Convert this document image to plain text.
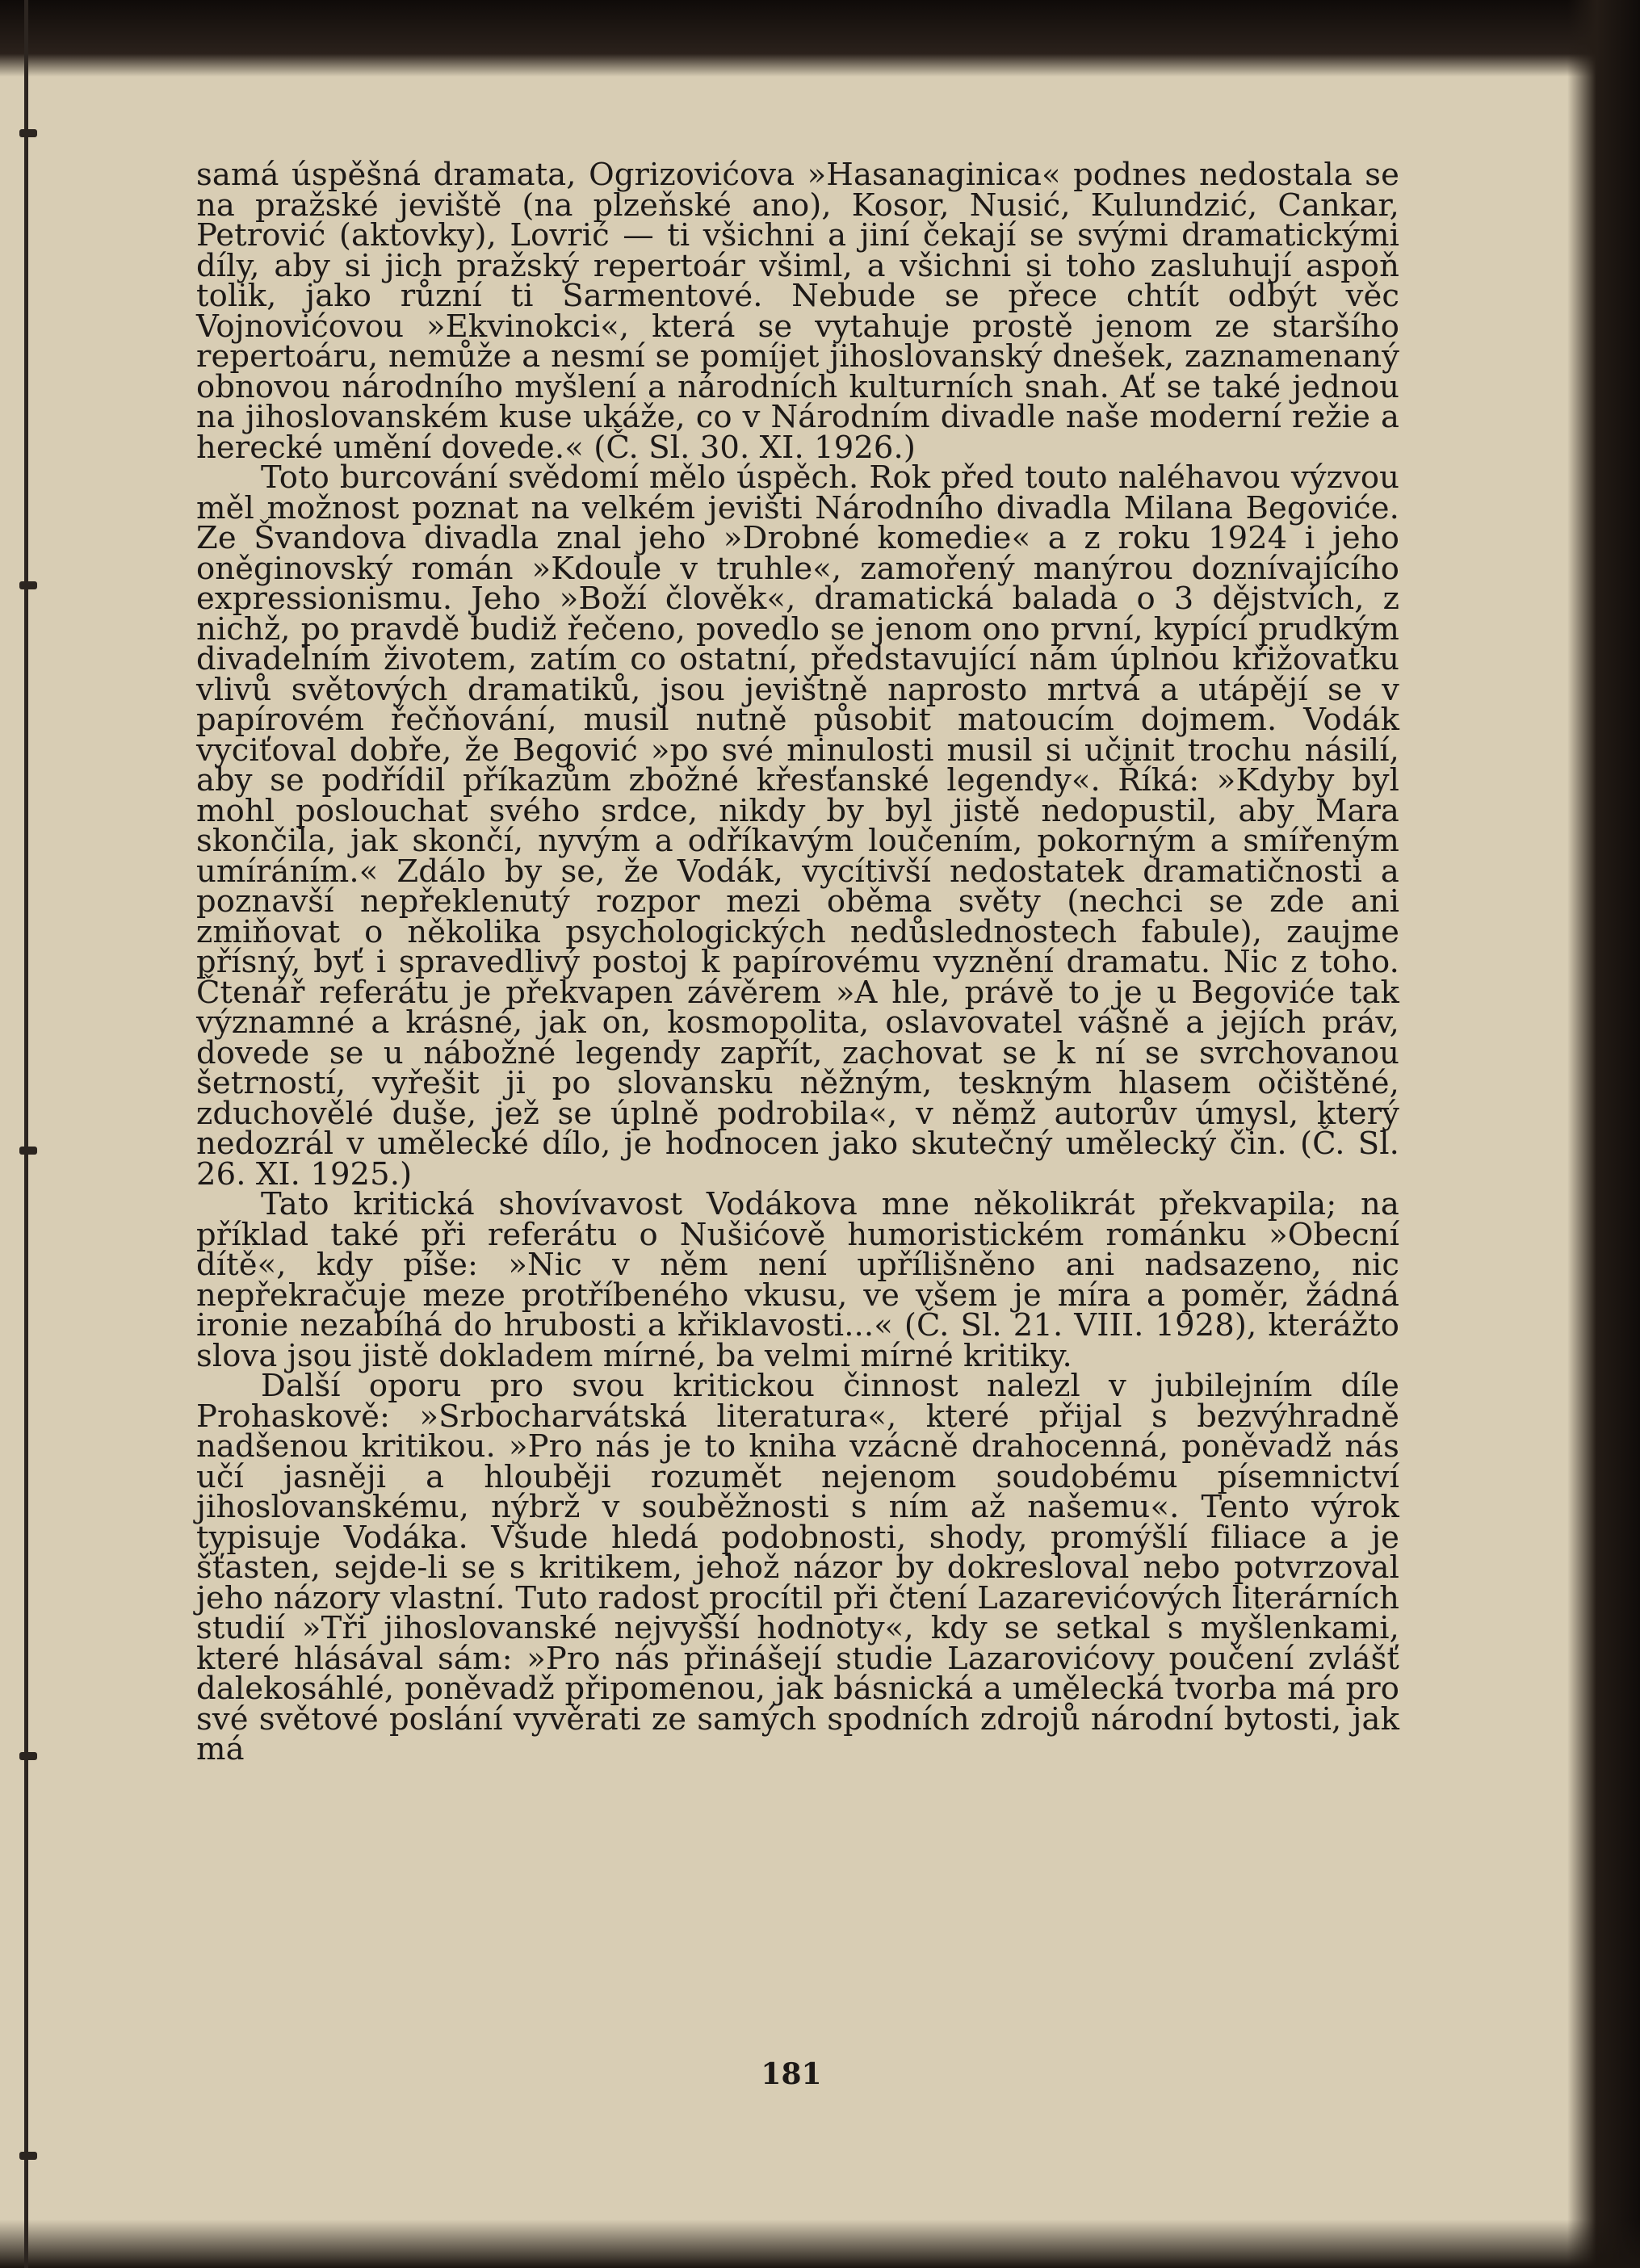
samá úspěšná dramata, Ogrizovićova »Hasanaginica« podnes nedostala se na pražské jeviště (na plzeňské ano), Kosor, Nusić, Kulundzić, Cankar, Petrović (aktovky), Lovrić — ti všichni a jiní čekají se svými dramatickými díly, aby si jich pražský repertoár všiml, a všichni si toho zasluhují aspoň tolik, jako různí ti Sarmentové. Nebude se přece chtít odbýt věc Vojnovićovou »Ekvinokci«, která se vytahuje prostě jenom ze staršího repertoáru, nemůže a nesmí se pomíjet jihoslovanský dnešek, zaznamenaný obnovou národního myšlení a národních kulturních snah. Ať se také jednou na jihoslovanském kuse ukáže, co v Národním divadle naše moderní režie a herecké umění dovede.« (Č. Sl. 30. XI. 1926.)

Toto burcování svědomí mělo úspěch. Rok před touto naléhavou výzvou měl možnost poznat na velkém jevišti Národního divadla Milana Begoviće. Ze Švandova divadla znal jeho »Drobné komedie« a z roku 1924 i jeho oněginovský román »Kdoule v truhle«, zamořený manýrou doznívajícího expressionismu. Jeho »Boží člověk«, dramatická balada o 3 dějstvích, z nichž, po pravdě budiž řečeno, povedlo se jenom ono první, kypící prudkým divadelním životem, zatím co ostatní, představující nám úplnou křižovatku vlivů světových dramatiků, jsou jevištně naprosto mrtvá a utápějí se v papírovém řečňování, musil nutně působit matoucím dojmem. Vodák vyciťoval dobře, že Begović »po své minulosti musil si učinit trochu násilí, aby se podřídil příkazům zbožné křesťanské legendy«. Říká: »Kdyby byl mohl poslouchat svého srdce, nikdy by byl jistě nedopustil, aby Mara skončila, jak skončí, nyvým a odříkavým loučením, pokorným a smířeným umíráním.« Zdálo by se, že Vodák, vycítivší nedostatek dramatičnosti a poznavší nepřeklenutý rozpor mezi oběma světy (nechci se zde ani zmiňovat o několika psychologických nedůslednostech fabule), zaujme přísný, byť i spravedlivý postoj k papírovému vyznění dramatu. Nic z toho. Čtenář referátu je překvapen závěrem »A hle, právě to je u Begoviće tak významné a krásné, jak on, kosmopolita, oslavovatel vášně a jejích práv, dovede se u nábožné legendy zapřít, zachovat se k ní se svrchovanou šetrností, vyřešit ji po slovansku něžným, teskným hlasem očištěné, zduchovělé duše, jež se úplně podrobila«, v němž autorův úmysl, který nedozrál v umělecké dílo, je hodnocen jako skutečný umělecký čin. (Č. Sl. 26. XI. 1925.)

Tato kritická shovívavost Vodákova mne několikrát překvapila; na příklad také při referátu o Nušićově humoristickém románku »Obecní dítě«, kdy píše: »Nic v něm není upřílišněno ani nadsazeno, nic nepřekračuje meze protříbeného vkusu, ve všem je míra a poměr, žádná ironie nezabíhá do hrubosti a křiklavosti...« (Č. Sl. 21. VIII. 1928), kterážto slova jsou jistě dokladem mírné, ba velmi mírné kritiky.

Další oporu pro svou kritickou činnost nalezl v jubilejním díle Prohaskově: »Srbocharvátská literatura«, které přijal s bezvýhradně nadšenou kritikou. »Pro nás je to kniha vzácně drahocenná, poněvadž nás učí jasněji a hlouběji rozumět nejenom soudobému písemnictví jihoslovanskému, nýbrž v souběžnosti s ním až našemu«. Tento výrok typisuje Vodáka. Všude hledá podobnosti, shody, promýšlí filiace a je šťasten, sejde-li se s kritikem, jehož názor by dokresloval nebo potvrzoval jeho názory vlastní. Tuto radost procítil při čtení Lazarevićových literárních studií »Tři jihoslovanské nejvyšší hodnoty«, kdy se setkal s myšlenkami, které hlásával sám: »Pro nás přinášejí studie Lazarovićovy poučení zvlášť dalekosáhlé, poněvadž připomenou, jak básnická a umělecká tvorba má pro své světové poslání vyvěrati ze samých spodních zdrojů národní bytosti, jak má

181
